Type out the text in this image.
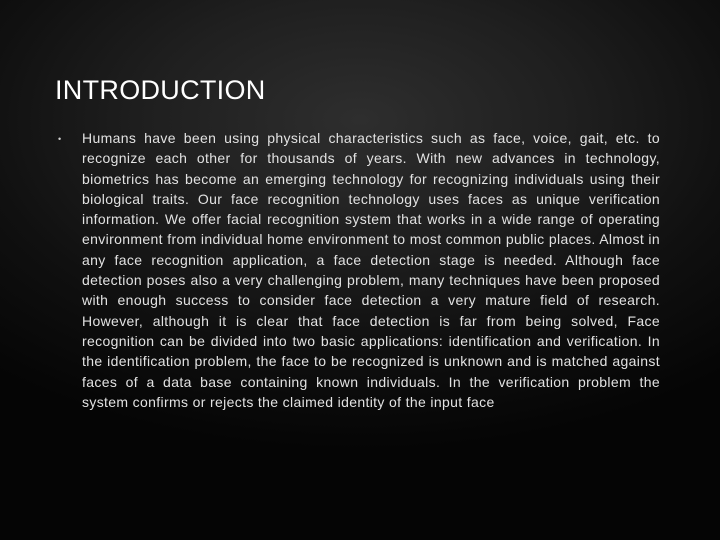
INTRODUCTION
• Humans have been using physical characteristics such as face, voice, gait, etc. to recognize each other for thousands of years. With new advances in technology, biometrics has become an emerging technology for recognizing individuals using their biological traits. Our face recognition technology uses faces as unique verification information. We offer facial recognition system that works in a wide range of operating environment from individual home environment to most common public places. Almost in any face recognition application, a face detection stage is needed. Although face detection poses also a very challenging problem, many techniques have been proposed with enough success to consider face detection a very mature field of research. However, although it is clear that face detection is far from being solved, Face recognition can be divided into two basic applications: identification and verification. In the identification problem, the face to be recognized is unknown and is matched against faces of a data base containing known individuals. In the verification problem the system confirms or rejects the claimed identity of the input face
